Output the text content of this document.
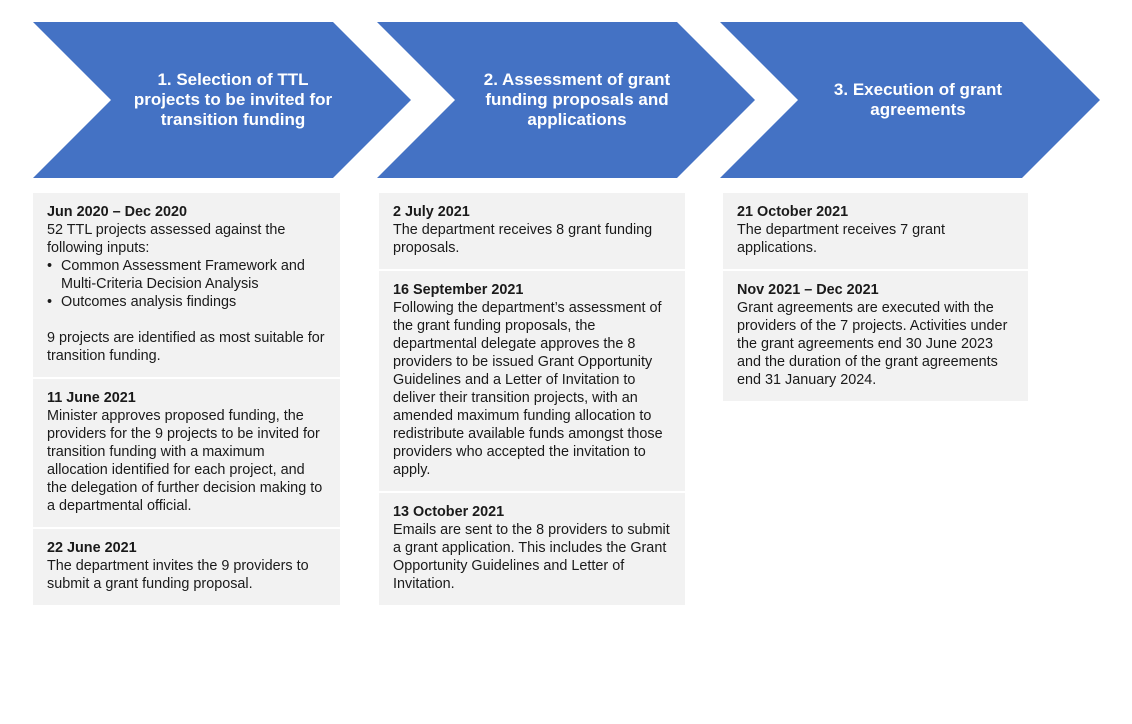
1. Selection of TTL projects to be invited for transition funding
2. Assessment of grant funding proposals and applications
3. Execution of grant agreements
Jun 2020 – Dec 2020
52 TTL projects assessed against the following inputs:
• Common Assessment Framework and Multi-Criteria Decision Analysis
• Outcomes analysis findings
9 projects are identified as most suitable for transition funding.
11 June 2021
Minister approves proposed funding, the providers for the 9 projects to be invited for transition funding with a maximum allocation identified for each project, and the delegation of further decision making to a departmental official.
22 June 2021
The department invites the 9 providers to submit a grant funding proposal.
2 July 2021
The department receives 8 grant funding proposals.
16 September 2021
Following the department’s assessment of the grant funding proposals, the departmental delegate approves the 8 providers to be issued Grant Opportunity Guidelines and a Letter of Invitation to deliver their transition projects, with an amended maximum funding allocation to redistribute available funds amongst those providers who accepted the invitation to apply.
13 October 2021
Emails are sent to the 8 providers to submit a grant application. This includes the Grant Opportunity Guidelines and Letter of Invitation.
21 October 2021
The department receives 7 grant applications.
Nov 2021 – Dec 2021
Grant agreements are executed with the providers of the 7 projects. Activities under the grant agreements end 30 June 2023 and the duration of the grant agreements end 31 January 2024.
